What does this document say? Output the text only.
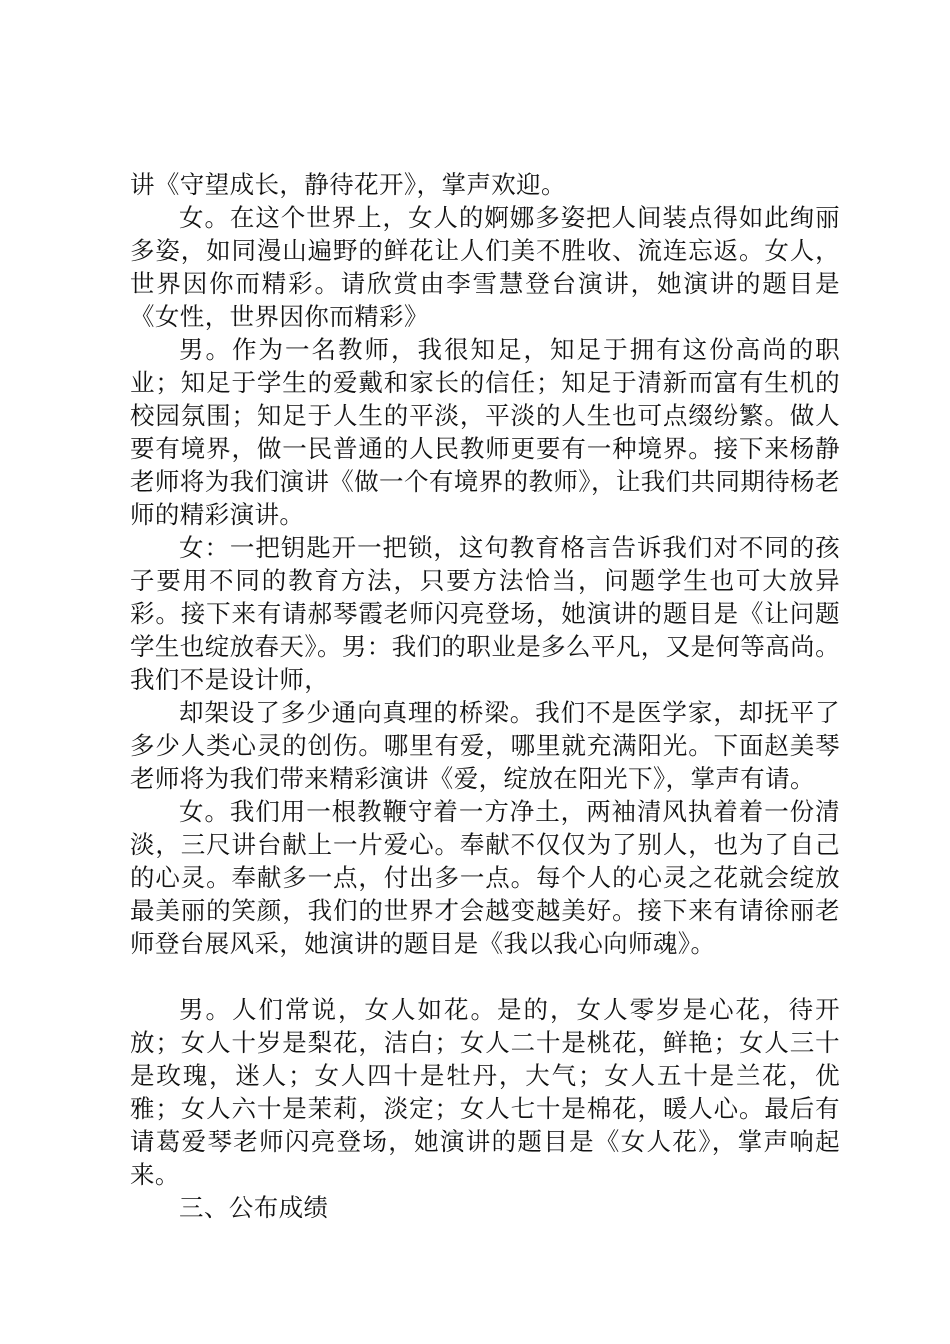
讲《守望成长，静待花开》，掌声欢迎。

女。在这个世界上，女人的婀娜多姿把人间装点得如此绚丽多姿，如同漫山遍野的鲜花让人们美不胜收、流连忘返。女人，世界因你而精彩。请欣赏由李雪慧登台演讲，她演讲的题目是《女性，世界因你而精彩》

男。作为一名教师，我很知足，知足于拥有这份高尚的职业；知足于学生的爱戴和家长的信任；知足于清新而富有生机的校园氛围；知足于人生的平淡，平淡的人生也可点缀纷繁。做人要有境界，做一民普通的人民教师更要有一种境界。接下来杨静老师将为我们演讲《做一个有境界的教师》，让我们共同期待杨老师的精彩演讲。

女：一把钥匙开一把锁，这句教育格言告诉我们对不同的孩子要用不同的教育方法，只要方法恰当，问题学生也可大放异彩。接下来有请郝琴霞老师闪亮登场，她演讲的题目是《让问题学生也绽放春天》。男：我们的职业是多么平凡，又是何等高尚。我们不是设计师，

却架设了多少通向真理的桥梁。我们不是医学家，却抚平了多少人类心灵的创伤。哪里有爱，哪里就充满阳光。下面赵美琴老师将为我们带来精彩演讲《爱，绽放在阳光下》，掌声有请。

女。我们用一根教鞭守着一方净土，两袖清风执着着一份清淡，三尺讲台献上一片爱心。奉献不仅仅为了别人，也为了自己的心灵。奉献多一点，付出多一点。每个人的心灵之花就会绽放最美丽的笑颜，我们的世界才会越变越美好。接下来有请徐丽老师登台展风采，她演讲的题目是《我以我心向师魂》。

男。人们常说，女人如花。是的，女人零岁是心花，待开放；女人十岁是梨花，洁白；女人二十是桃花，鲜艳；女人三十是玫瑰，迷人；女人四十是牡丹，大气；女人五十是兰花，优雅；女人六十是茉莉，淡定；女人七十是棉花，暖人心。最后有请葛爱琴老师闪亮登场，她演讲的题目是《女人花》，掌声响起来。

三、公布成绩
